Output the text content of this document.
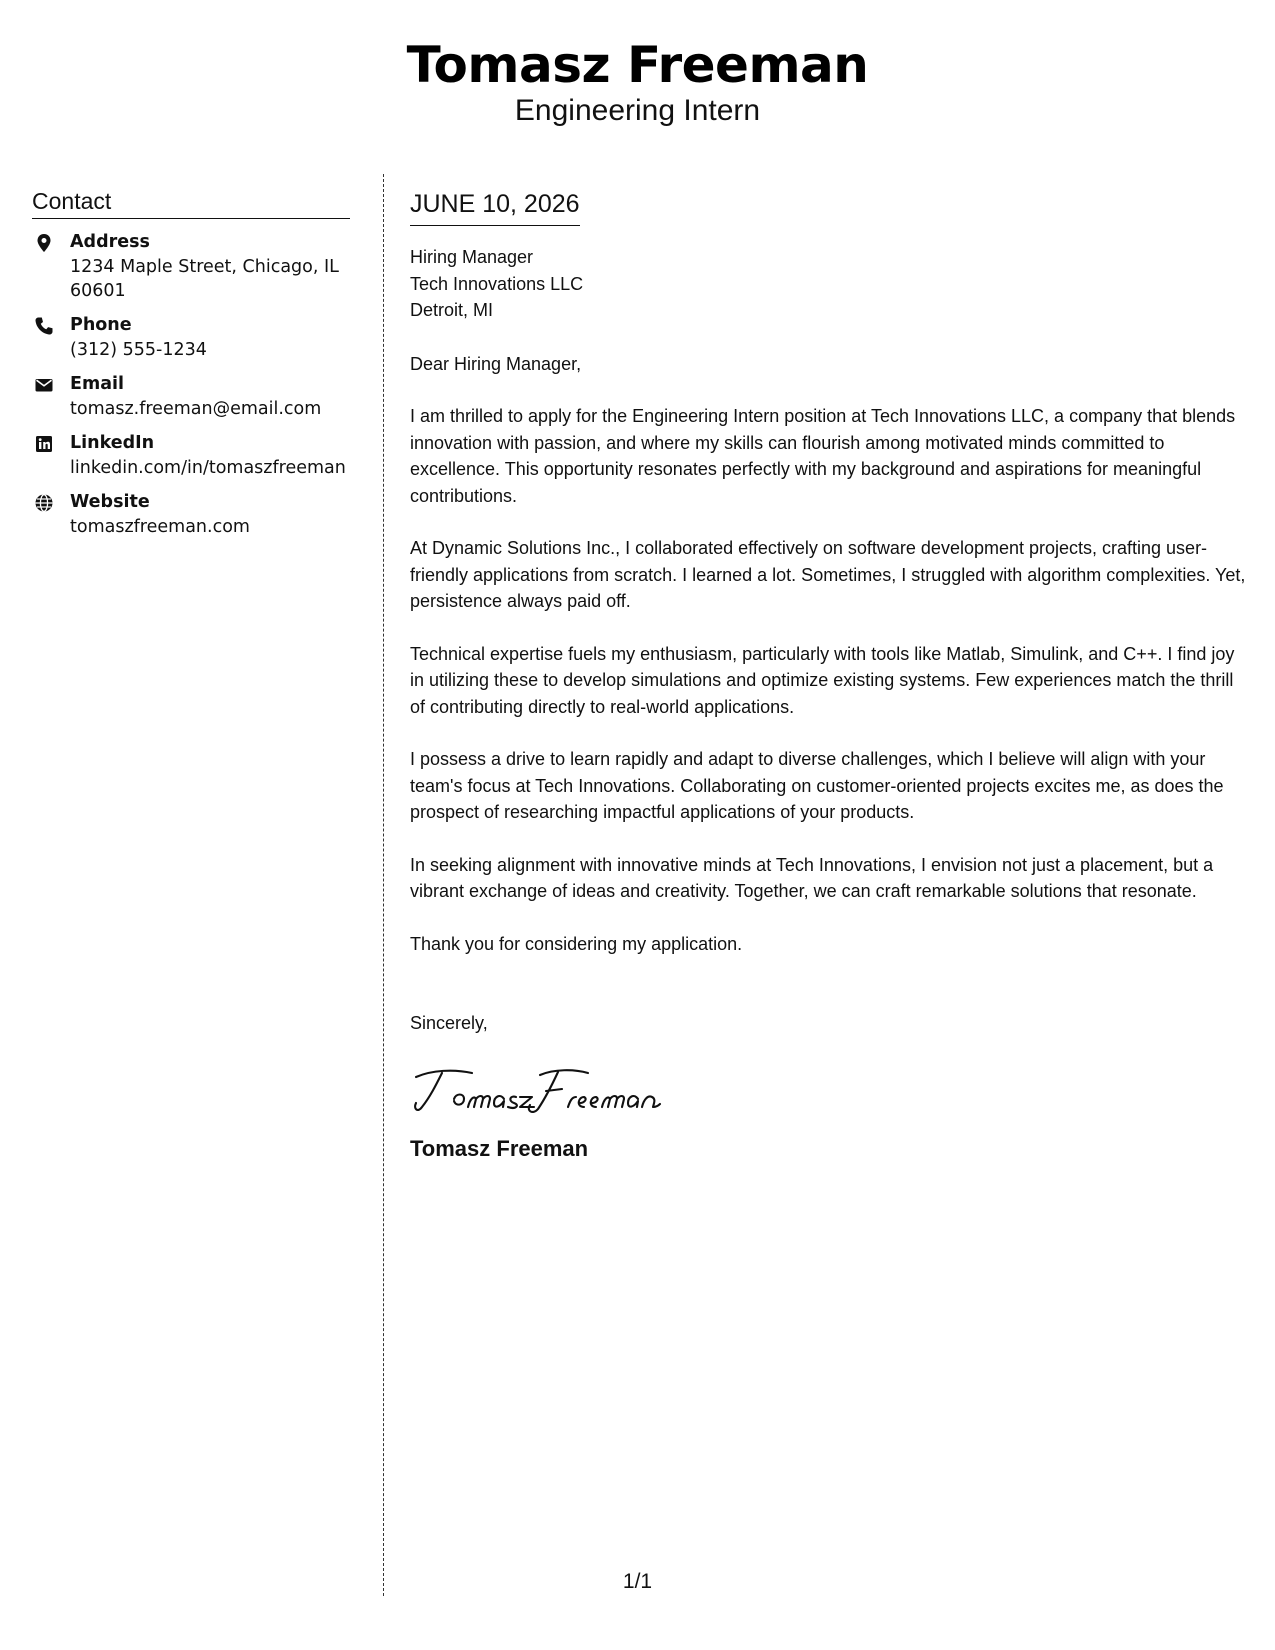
Tomasz Freeman
Engineering Intern
Contact
Address
1234 Maple Street, Chicago, IL 60601
Phone
(312) 555-1234
Email
tomasz.freeman@email.com
LinkedIn
linkedin.com/in/tomaszfreeman
Website
tomaszfreeman.com
JUNE 10, 2026
Hiring Manager
Tech Innovations LLC
Detroit, MI
Dear Hiring Manager,
I am thrilled to apply for the Engineering Intern position at Tech Innovations LLC, a company that blends innovation with passion, and where my skills can flourish among motivated minds committed to excellence. This opportunity resonates perfectly with my background and aspirations for meaningful contributions.
At Dynamic Solutions Inc., I collaborated effectively on software development projects, crafting user-friendly applications from scratch. I learned a lot. Sometimes, I struggled with algorithm complexities. Yet, persistence always paid off.
Technical expertise fuels my enthusiasm, particularly with tools like Matlab, Simulink, and C++. I find joy in utilizing these to develop simulations and optimize existing systems. Few experiences match the thrill of contributing directly to real-world applications.
I possess a drive to learn rapidly and adapt to diverse challenges, which I believe will align with your team's focus at Tech Innovations. Collaborating on customer-oriented projects excites me, as does the prospect of researching impactful applications of your products.
In seeking alignment with innovative minds at Tech Innovations, I envision not just a placement, but a vibrant exchange of ideas and creativity. Together, we can craft remarkable solutions that resonate.
Thank you for considering my application.
Sincerely,
Tomasz Freeman
1/1
